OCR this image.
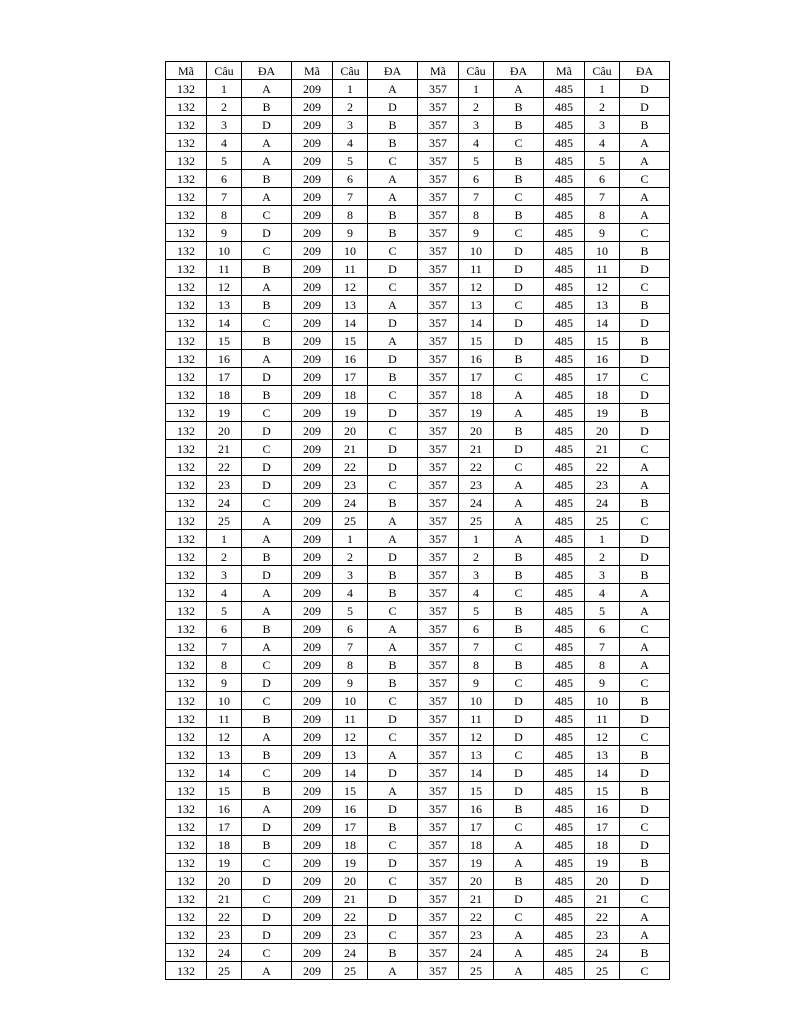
Mã	Câu	ĐA	Mã	Câu	ĐA	Mã	Câu	ĐA	Mã	Câu	ĐA
132	1	A	209	1	A	357	1	A	485	1	D
132	2	B	209	2	D	357	2	B	485	2	D
132	3	D	209	3	B	357	3	B	485	3	B
132	4	A	209	4	B	357	4	C	485	4	A
132	5	A	209	5	C	357	5	B	485	5	A
132	6	B	209	6	A	357	6	B	485	6	C
132	7	A	209	7	A	357	7	C	485	7	A
132	8	C	209	8	B	357	8	B	485	8	A
132	9	D	209	9	B	357	9	C	485	9	C
132	10	C	209	10	C	357	10	D	485	10	B
132	11	B	209	11	D	357	11	D	485	11	D
132	12	A	209	12	C	357	12	D	485	12	C
132	13	B	209	13	A	357	13	C	485	13	B
132	14	C	209	14	D	357	14	D	485	14	D
132	15	B	209	15	A	357	15	D	485	15	B
132	16	A	209	16	D	357	16	B	485	16	D
132	17	D	209	17	B	357	17	C	485	17	C
132	18	B	209	18	C	357	18	A	485	18	D
132	19	C	209	19	D	357	19	A	485	19	B
132	20	D	209	20	C	357	20	B	485	20	D
132	21	C	209	21	D	357	21	D	485	21	C
132	22	D	209	22	D	357	22	C	485	22	A
132	23	D	209	23	C	357	23	A	485	23	A
132	24	C	209	24	B	357	24	A	485	24	B
132	25	A	209	25	A	357	25	A	485	25	C
132	1	A	209	1	A	357	1	A	485	1	D
132	2	B	209	2	D	357	2	B	485	2	D
132	3	D	209	3	B	357	3	B	485	3	B
132	4	A	209	4	B	357	4	C	485	4	A
132	5	A	209	5	C	357	5	B	485	5	A
132	6	B	209	6	A	357	6	B	485	6	C
132	7	A	209	7	A	357	7	C	485	7	A
132	8	C	209	8	B	357	8	B	485	8	A
132	9	D	209	9	B	357	9	C	485	9	C
132	10	C	209	10	C	357	10	D	485	10	B
132	11	B	209	11	D	357	11	D	485	11	D
132	12	A	209	12	C	357	12	D	485	12	C
132	13	B	209	13	A	357	13	C	485	13	B
132	14	C	209	14	D	357	14	D	485	14	D
132	15	B	209	15	A	357	15	D	485	15	B
132	16	A	209	16	D	357	16	B	485	16	D
132	17	D	209	17	B	357	17	C	485	17	C
132	18	B	209	18	C	357	18	A	485	18	D
132	19	C	209	19	D	357	19	A	485	19	B
132	20	D	209	20	C	357	20	B	485	20	D
132	21	C	209	21	D	357	21	D	485	21	C
132	22	D	209	22	D	357	22	C	485	22	A
132	23	D	209	23	C	357	23	A	485	23	A
132	24	C	209	24	B	357	24	A	485	24	B
132	25	A	209	25	A	357	25	A	485	25	C
